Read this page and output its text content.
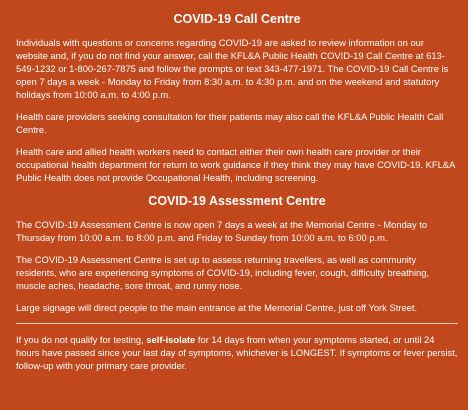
COVID-19 Call Centre

Individuals with questions or concerns regarding COVID-19 are asked to review information on our website and, if you do not find your answer, call the KFL&A Public Health COVID-19 Call Centre at 613-549-1232 or 1-800-267-7875 and follow the prompts or text 343-477-1971. The COVID-19 Call Centre is open 7 days a week - Monday to Friday from 8:30 a.m. to 4:30 p.m. and on the weekend and statutory holidays from 10:00 a.m. to 4:00 p.m.

Health care providers seeking consultation for their patients may also call the KFL&A Public Health Call Centre.

Health care and allied health workers need to contact either their own health care provider or their occupational health department for return to work guidance if they think they may have COVID-19. KFL&A Public Health does not provide Occupational Health, including screening.

COVID-19 Assessment Centre

The COVID-19 Assessment Centre is now open 7 days a week at the Memorial Centre - Monday to Thursday from 10:00 a.m. to 8:00 p.m. and Friday to Sunday from 10:00 a.m. to 6:00 p.m.

The COVID-19 Assessment Centre is set up to assess returning travellers, as well as community residents, who are experiencing symptoms of COVID-19, including fever, cough, difficulty breathing, muscle aches, headache, sore throat, and runny nose.

Large signage will direct people to the main entrance at the Memorial Centre, just off York Street.

If you do not qualify for testing, self-isolate for 14 days from when your symptoms started, or until 24 hours have passed since your last day of symptoms, whichever is LONGEST. If symptoms or fever persist, follow-up with your primary care provider.
